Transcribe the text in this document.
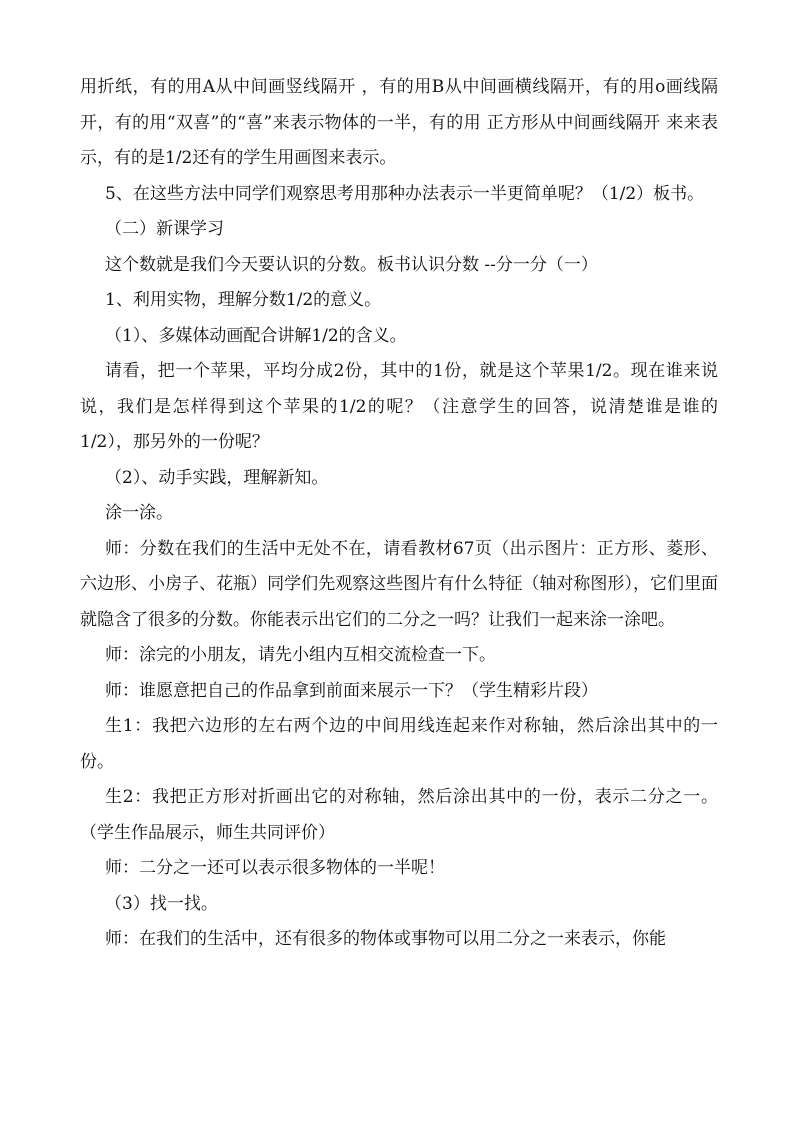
用折纸，有的用A从中间画竖线隔开 ，有的用B从中间画横线隔开，有的用o画线隔开，有的用“双喜”的“喜”来表示物体的一半，有的用 正方形从中间画线隔开 来来表示，有的是1/2还有的学生用画图来表示。

5、在这些方法中同学们观察思考用那种办法表示一半更简单呢？（1/2）板书。

（二）新课学习

这个数就是我们今天要认识的分数。板书认识分数 --分一分（一）

1、利用实物，理解分数1/2的意义。

（1）、多媒体动画配合讲解1/2的含义。

请看，把一个苹果，平均分成2份，其中的1份，就是这个苹果1/2。现在谁来说说，我们是怎样得到这个苹果的1/2的呢？（注意学生的回答，说清楚谁是谁的1/2），那另外的一份呢？

（2）、动手实践，理解新知。

涂一涂。

师：分数在我们的生活中无处不在，请看教材67页（出示图片：正方形、菱形、六边形、小房子、花瓶）同学们先观察这些图片有什么特征（轴对称图形），它们里面就隐含了很多的分数。你能表示出它们的二分之一吗？让我们一起来涂一涂吧。

师：涂完的小朋友，请先小组内互相交流检查一下。

师：谁愿意把自己的作品拿到前面来展示一下？（学生精彩片段）

生1：我把六边形的左右两个边的中间用线连起来作对称轴，然后涂出其中的一份。

生2：我把正方形对折画出它的对称轴，然后涂出其中的一份，表示二分之一。（学生作品展示，师生共同评价）

师：二分之一还可以表示很多物体的一半呢！

（3）找一找。

师：在我们的生活中，还有很多的物体或事物可以用二分之一来表示，你能
